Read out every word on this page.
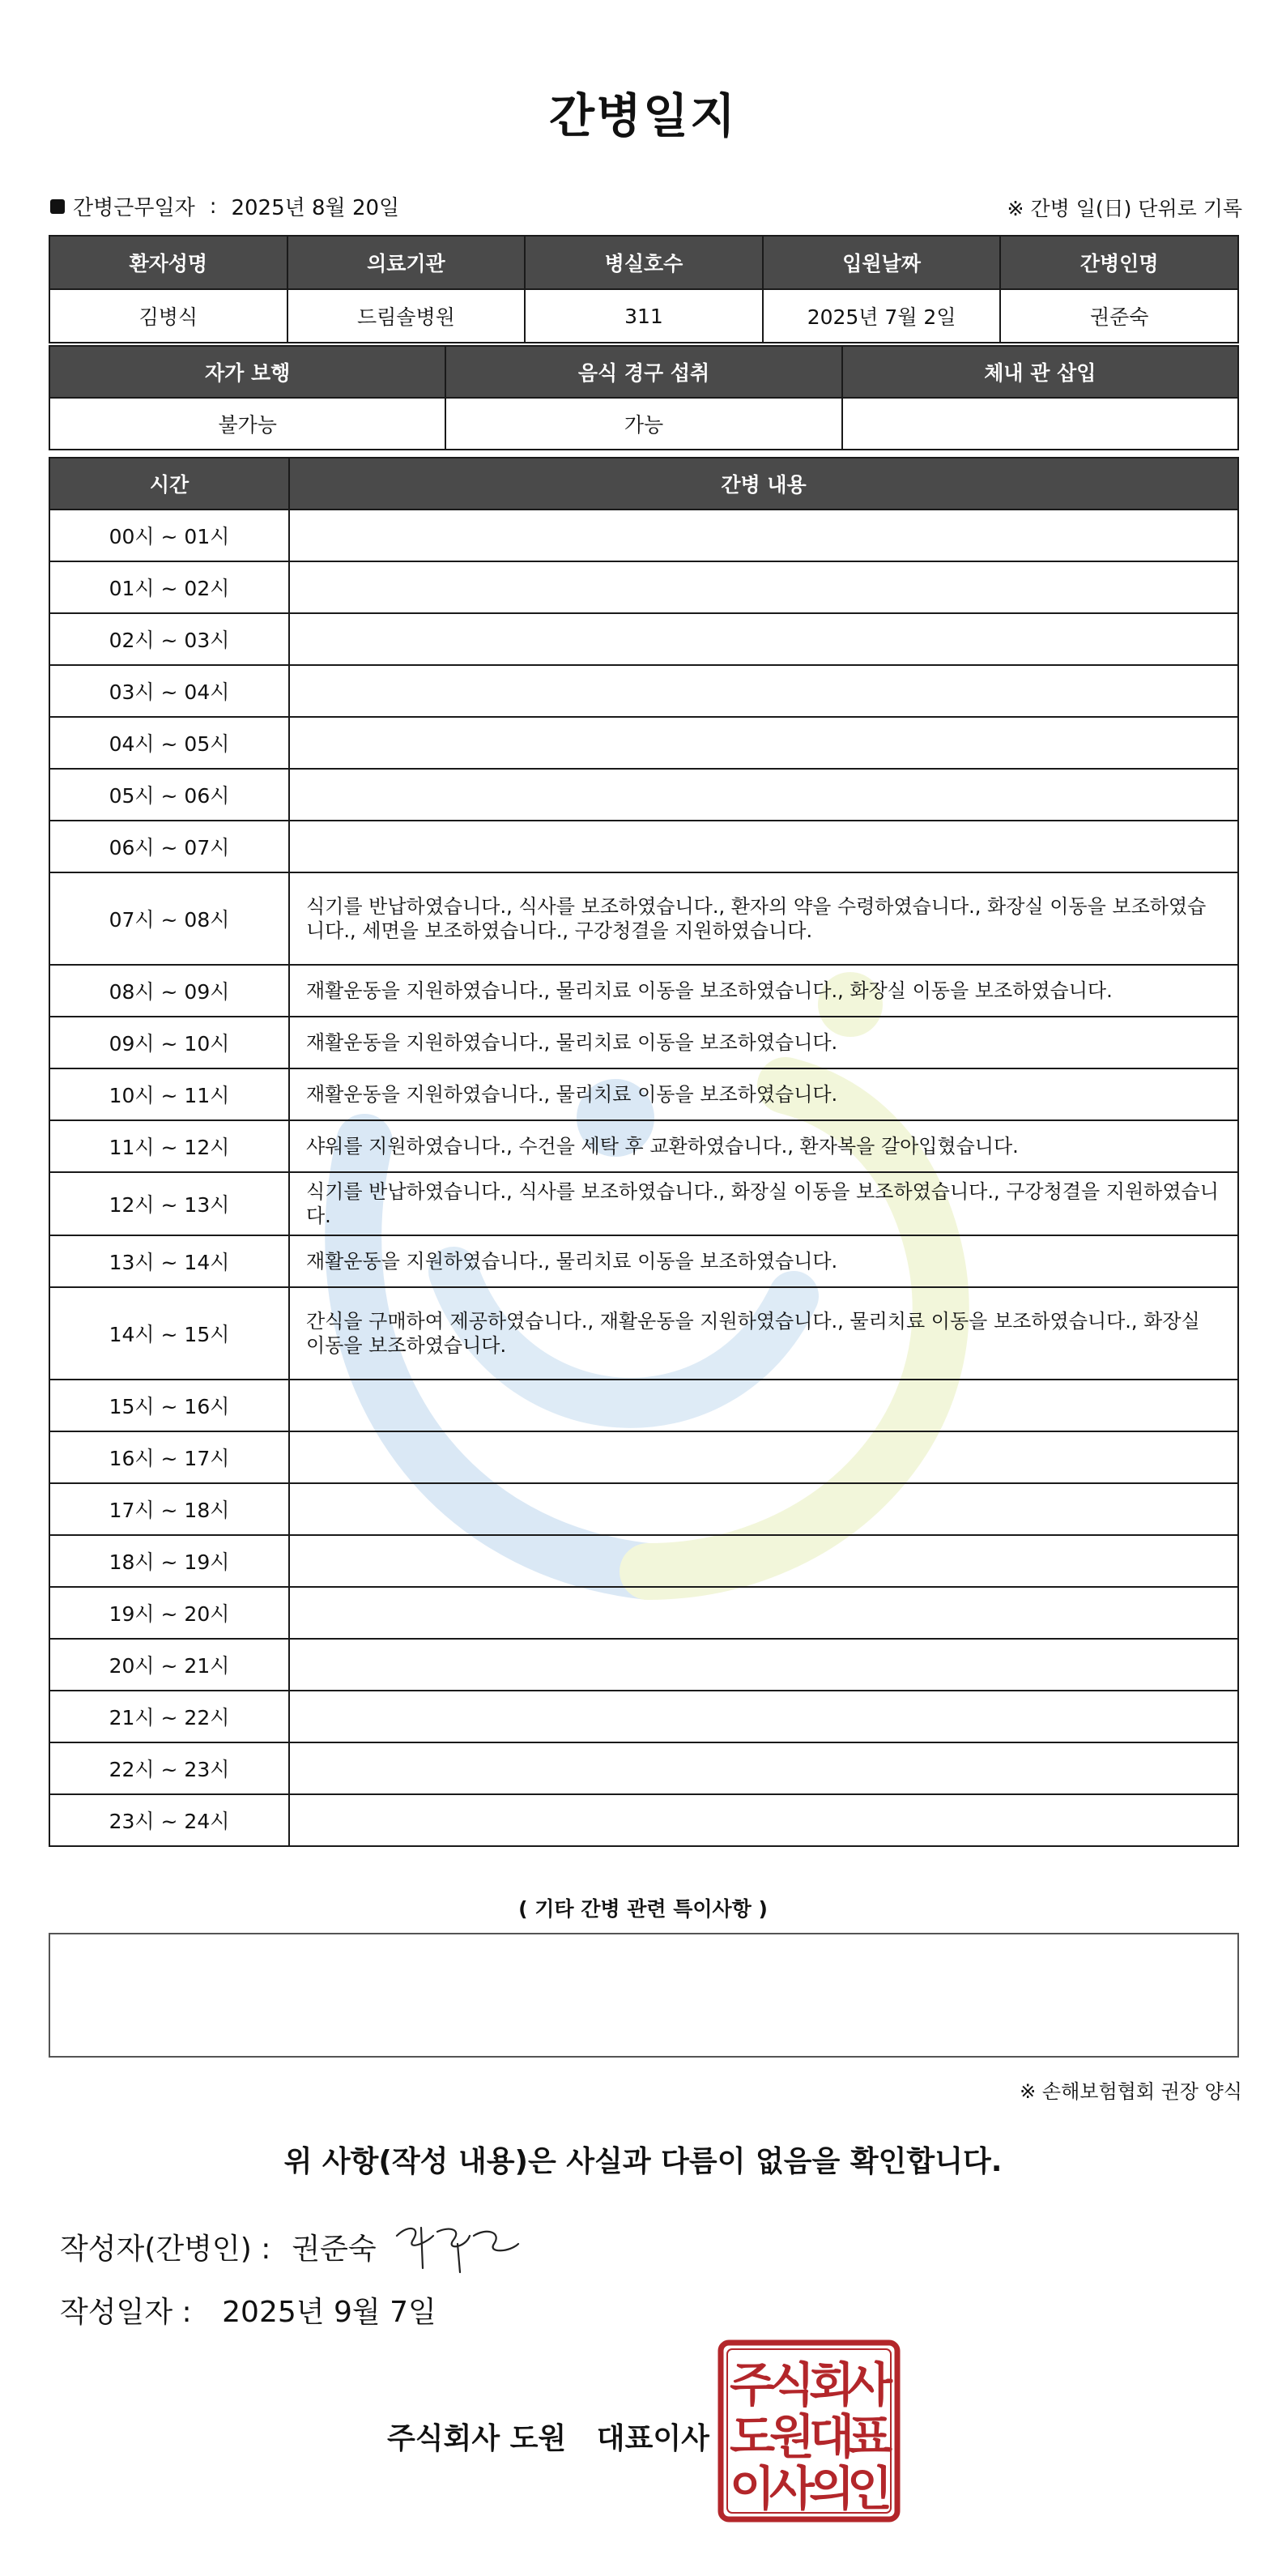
간병일지
간병근무일자 : 2025년 8월 20일	※ 간병 일(日) 단위로 기록
환자성명	의료기관	병실호수	입원날짜	간병인명
김병식	드림솔병원	311	2025년 7월 2일	권준숙
자가 보행	음식 경구 섭취	체내 관 삽입
불가능	가능	
시간	간병 내용
00시 ~ 01시	
01시 ~ 02시	
02시 ~ 03시	
03시 ~ 04시	
04시 ~ 05시	
05시 ~ 06시	
06시 ~ 07시	
07시 ~ 08시	식기를 반납하였습니다., 식사를 보조하였습니다., 환자의 약을 수령하였습니다., 화장실 이동을 보조하였습니다., 세면을 보조하였습니다., 구강청결을 지원하였습니다.
08시 ~ 09시	재활운동을 지원하였습니다., 물리치료 이동을 보조하였습니다., 화장실 이동을 보조하였습니다.
09시 ~ 10시	재활운동을 지원하였습니다., 물리치료 이동을 보조하였습니다.
10시 ~ 11시	재활운동을 지원하였습니다., 물리치료 이동을 보조하였습니다.
11시 ~ 12시	샤워를 지원하였습니다., 수건을 세탁 후 교환하였습니다., 환자복을 갈아입혔습니다.
12시 ~ 13시	식기를 반납하였습니다., 식사를 보조하였습니다., 화장실 이동을 보조하였습니다., 구강청결을 지원하였습니다.
13시 ~ 14시	재활운동을 지원하였습니다., 물리치료 이동을 보조하였습니다.
14시 ~ 15시	간식을 구매하여 제공하였습니다., 재활운동을 지원하였습니다., 물리치료 이동을 보조하였습니다., 화장실 이동을 보조하였습니다.
15시 ~ 16시	
16시 ~ 17시	
17시 ~ 18시	
18시 ~ 19시	
19시 ~ 20시	
20시 ~ 21시	
21시 ~ 22시	
22시 ~ 23시	
23시 ~ 24시	
( 기타 간병 관련 특이사항 )
※ 손해보험협회 권장 양식
위 사항(작성 내용)은 사실과 다름이 없음을 확인합니다.
작성자(간병인) : 권준숙
작성일자 : 2025년 9월 7일
주식회사 도원   대표이사
주
식
회
사
도
원
대
표
이
사
의
인
